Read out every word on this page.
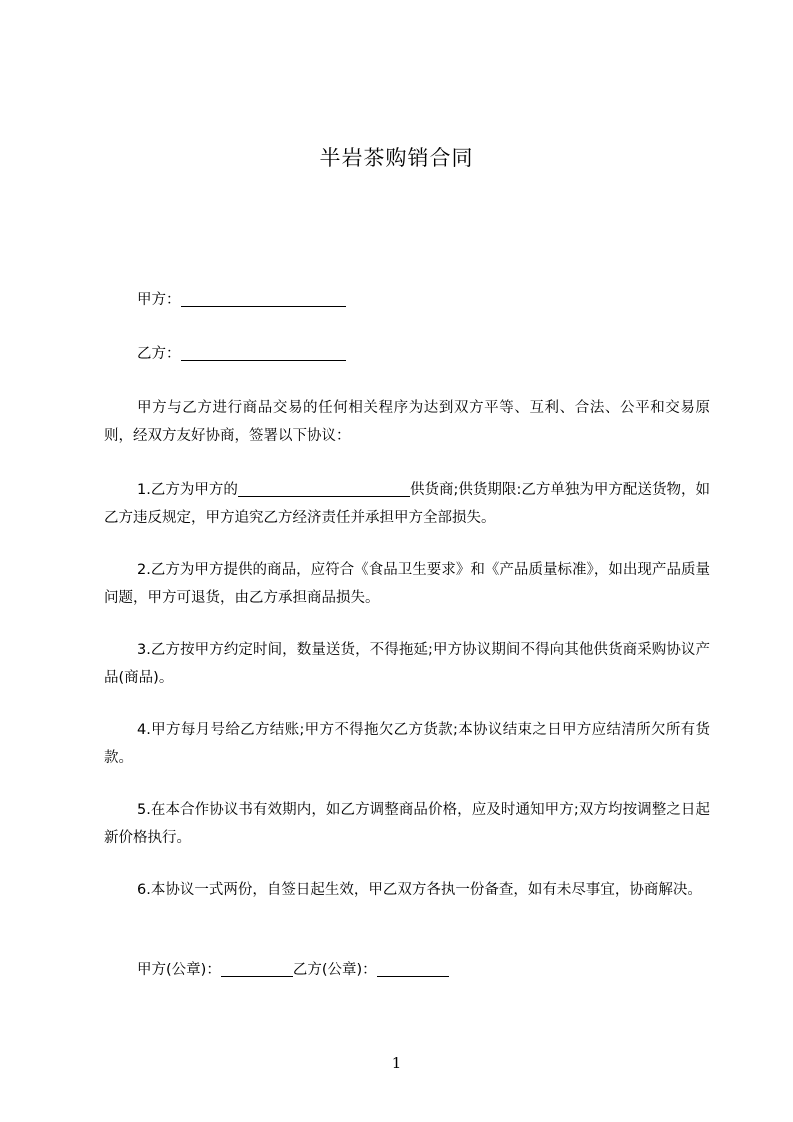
半岩茶购销合同
甲方：
乙方：
甲方与乙方进行商品交易的任何相关程序为达到双方平等、互利、合法、公平和交易原则，经双方友好协商，签署以下协议：
1.乙方为甲方的	供货商;供货期限:乙方单独为甲方配送货物，如乙方违反规定，甲方追究乙方经济责任并承担甲方全部损失。
2.乙方为甲方提供的商品，应符合《食品卫生要求》和《产品质量标准》，如出现产品质量问题，甲方可退货，由乙方承担商品损失。
3.乙方按甲方约定时间，数量送货，不得拖延;甲方协议期间不得向其他供货商采购协议产品(商品)。
4.甲方每月号给乙方结账;甲方不得拖欠乙方货款;本协议结束之日甲方应结清所欠所有货款。
5.在本合作协议书有效期内，如乙方调整商品价格，应及时通知甲方;双方均按调整之日起新价格执行。
6.本协议一式两份，自签日起生效，甲乙双方各执一份备查，如有未尽事宜，协商解决。
甲方(公章)：	乙方(公章)：
1
